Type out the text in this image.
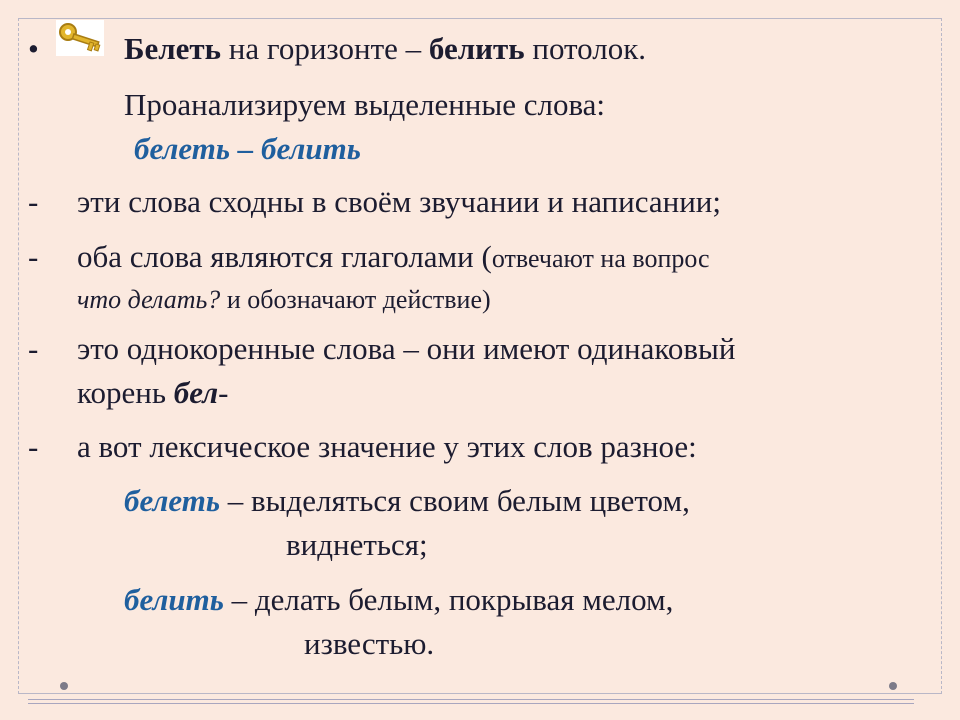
•	Белеть на горизонте – белить потолок.
Проанализируем выделенные слова:
белеть – белить
- эти слова сходны в своём звучании и написании;
- оба слова являются глаголами (отвечают на вопрос
что делать? и обозначают действие)
- это однокоренные слова – они имеют одинаковый
корень бел-
- а вот лексическое значение у этих слов разное:
белеть – выделяться своим белым цветом,
виднеться;
белить – делать белым, покрывая мелом,
известью.
